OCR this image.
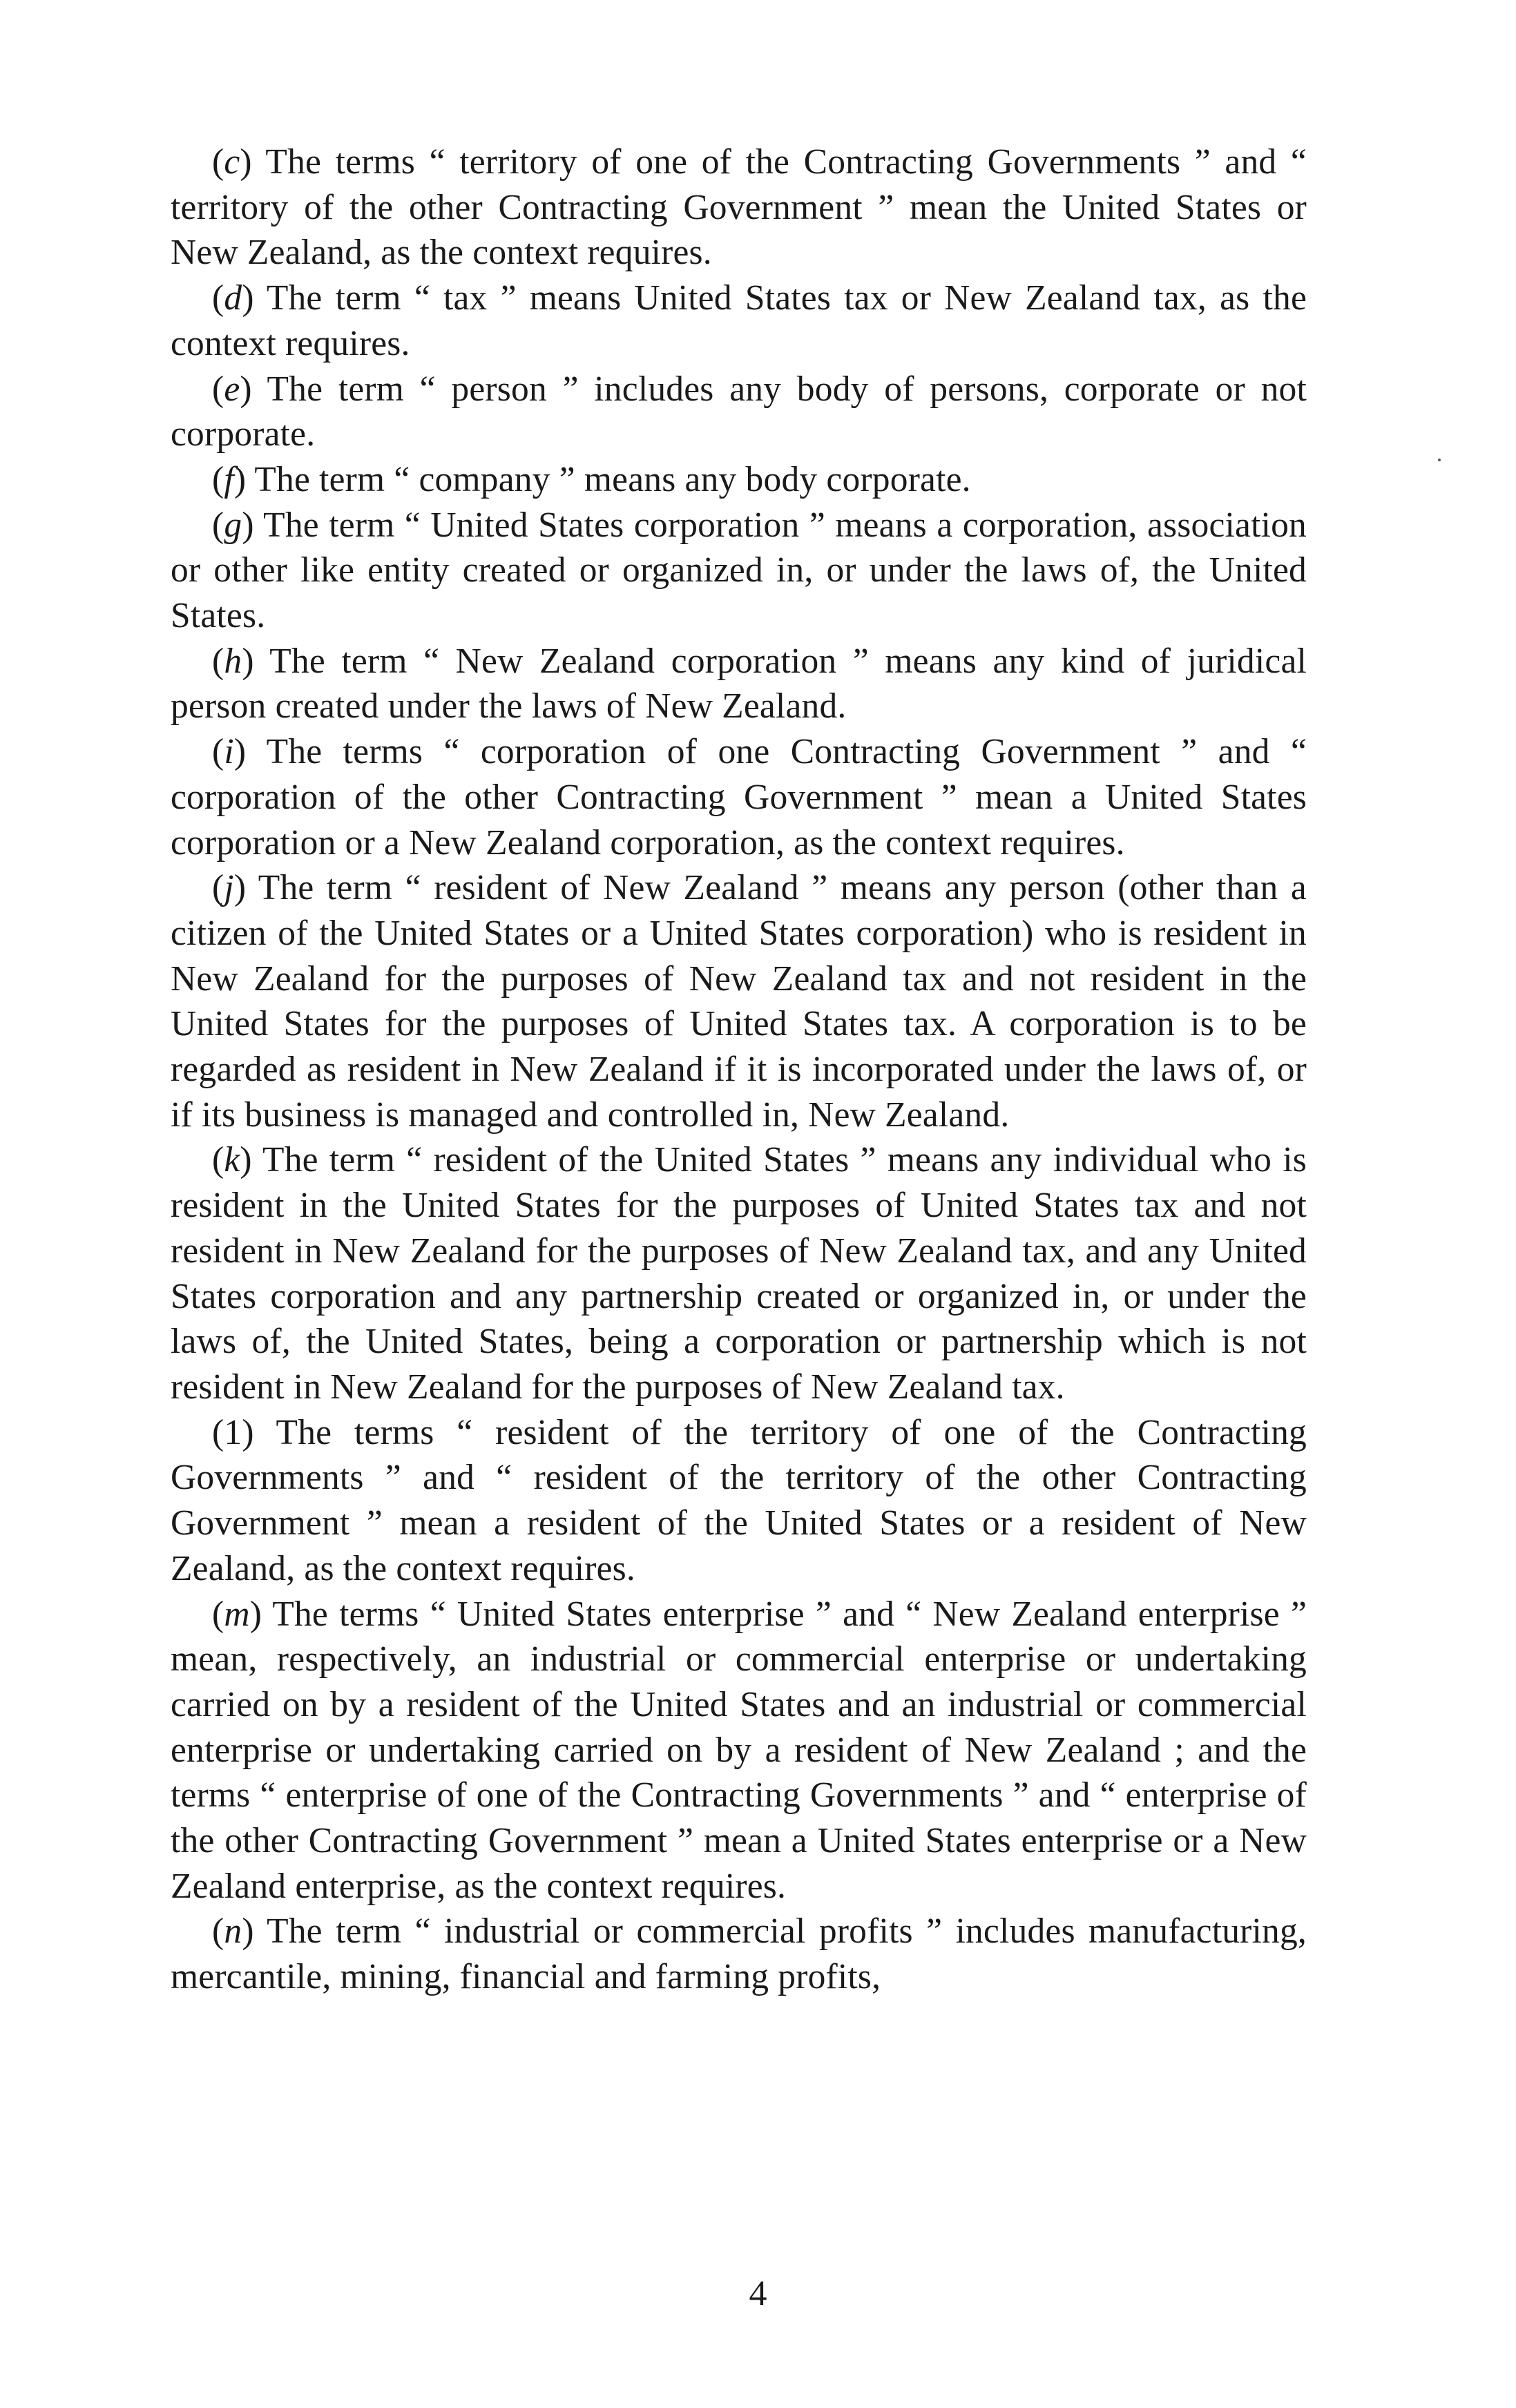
(c) The terms “ territory of one of the Contracting Governments ” and “ territory of the other Contracting Government ” mean the United States or New Zealand, as the context requires.

(d) The term “ tax ” means United States tax or New Zealand tax, as the context requires.

(e) The term “ person ” includes any body of persons, corporate or not corporate.

(f) The term “ company ” means any body corporate.

(g) The term “ United States corporation ” means a corporation, association or other like entity created or organized in, or under the laws of, the United States.

(h) The term “ New Zealand corporation ” means any kind of juridical person created under the laws of New Zealand.

(i) The terms “ corporation of one Contracting Government ” and “ corporation of the other Contracting Government ” mean a United States corporation or a New Zealand corporation, as the context requires.

(j) The term “ resident of New Zealand ” means any person (other than a citizen of the United States or a United States corporation) who is resident in New Zealand for the purposes of New Zealand tax and not resident in the United States for the purposes of United States tax. A corporation is to be regarded as resident in New Zealand if it is incorporated under the laws of, or if its business is managed and controlled in, New Zealand.

(k) The term “ resident of the United States ” means any individual who is resident in the United States for the purposes of United States tax and not resident in New Zealand for the purposes of New Zealand tax, and any United States corporation and any partnership created or organized in, or under the laws of, the United States, being a corporation or partnership which is not resident in New Zealand for the purposes of New Zealand tax.

(1) The terms “ resident of the territory of one of the Contracting Governments ” and “ resident of the territory of the other Contracting Government ” mean a resident of the United States or a resident of New Zealand, as the context requires.

(m) The terms “ United States enterprise ” and “ New Zealand enterprise ” mean, respectively, an industrial or commercial enterprise or undertaking carried on by a resident of the United States and an industrial or commercial enterprise or undertaking carried on by a resident of New Zealand ; and the terms “ enterprise of one of the Contracting Governments ” and “ enterprise of the other Contracting Government ” mean a United States enterprise or a New Zealand enterprise, as the context requires.

(n) The term “ industrial or commercial profits ” includes manufacturing, mercantile, mining, financial and farming profits,

4
